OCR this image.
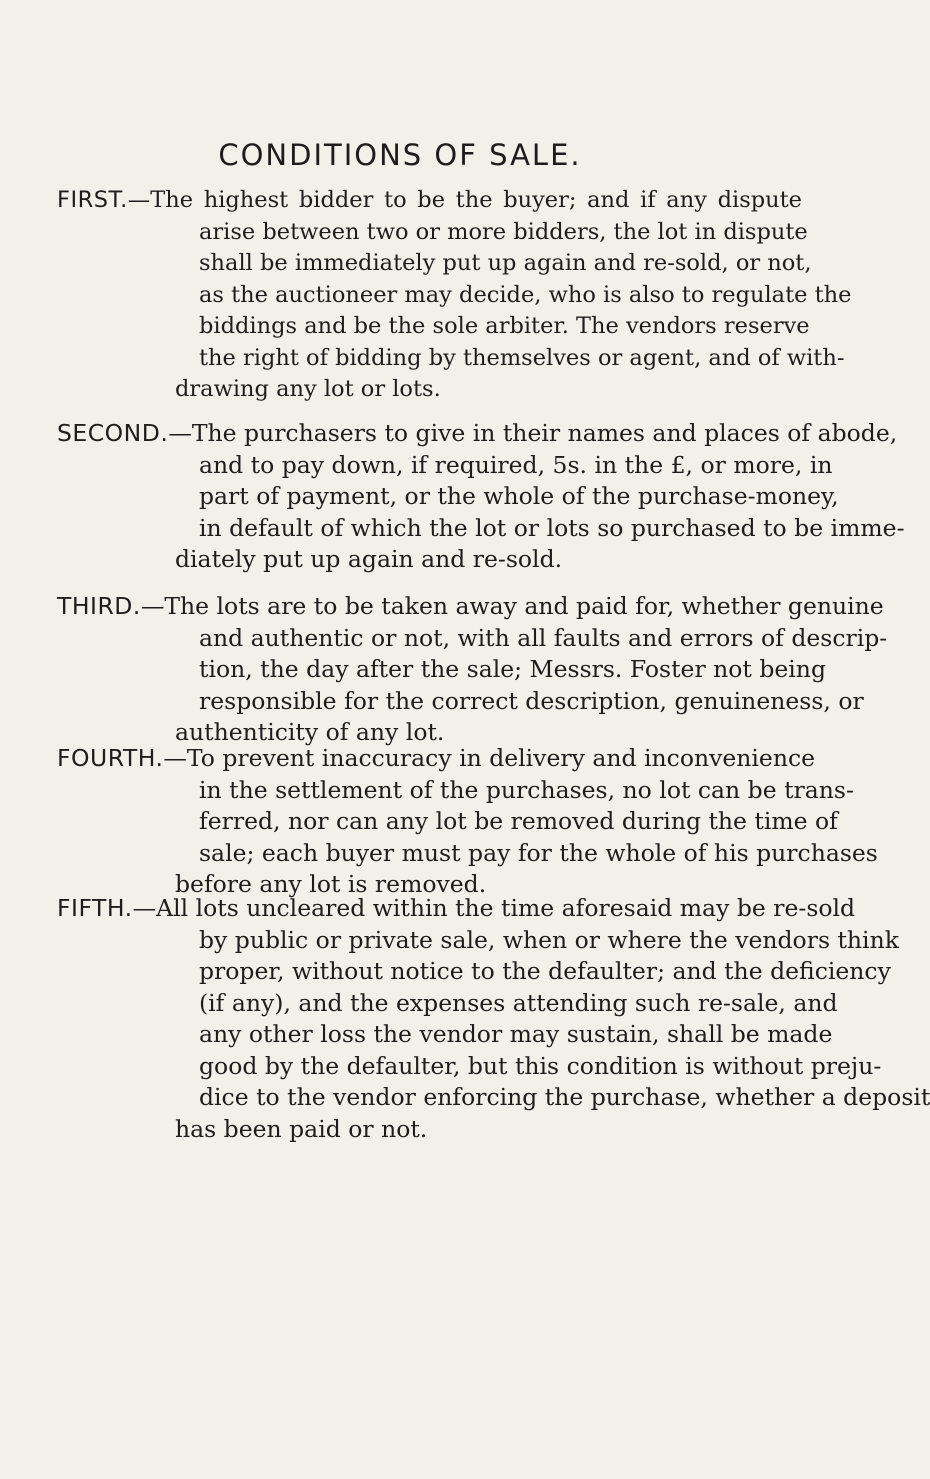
CONDITIONS OF SALE.
FIRST.—The highest bidder to be the buyer; and if any dispute
arise between two or more bidders, the lot in dispute
shall be immediately put up again and re-sold, or not,
as the auctioneer may decide, who is also to regulate the
biddings and be the sole arbiter. The vendors reserve
the right of bidding by themselves or agent, and of with-
drawing any lot or lots.
SECOND.—The purchasers to give in their names and places of abode,
and to pay down, if required, 5s. in the £, or more, in
part of payment, or the whole of the purchase-money,
in default of which the lot or lots so purchased to be imme-
diately put up again and re-sold.
THIRD.—The lots are to be taken away and paid for, whether genuine
and authentic or not, with all faults and errors of descrip-
tion, the day after the sale; Messrs. Foster not being
responsible for the correct description, genuineness, or
authenticity of any lot.
FOURTH.—To prevent inaccuracy in delivery and inconvenience
in the settlement of the purchases, no lot can be trans-
ferred, nor can any lot be removed during the time of
sale; each buyer must pay for the whole of his purchases
before any lot is removed.
FIFTH.—All lots uncleared within the time aforesaid may be re-sold
by public or private sale, when or where the vendors think
proper, without notice to the defaulter; and the deficiency
(if any), and the expenses attending such re-sale, and
any other loss the vendor may sustain, shall be made
good by the defaulter, but this condition is without preju-
dice to the vendor enforcing the purchase, whether a deposit
has been paid or not.
